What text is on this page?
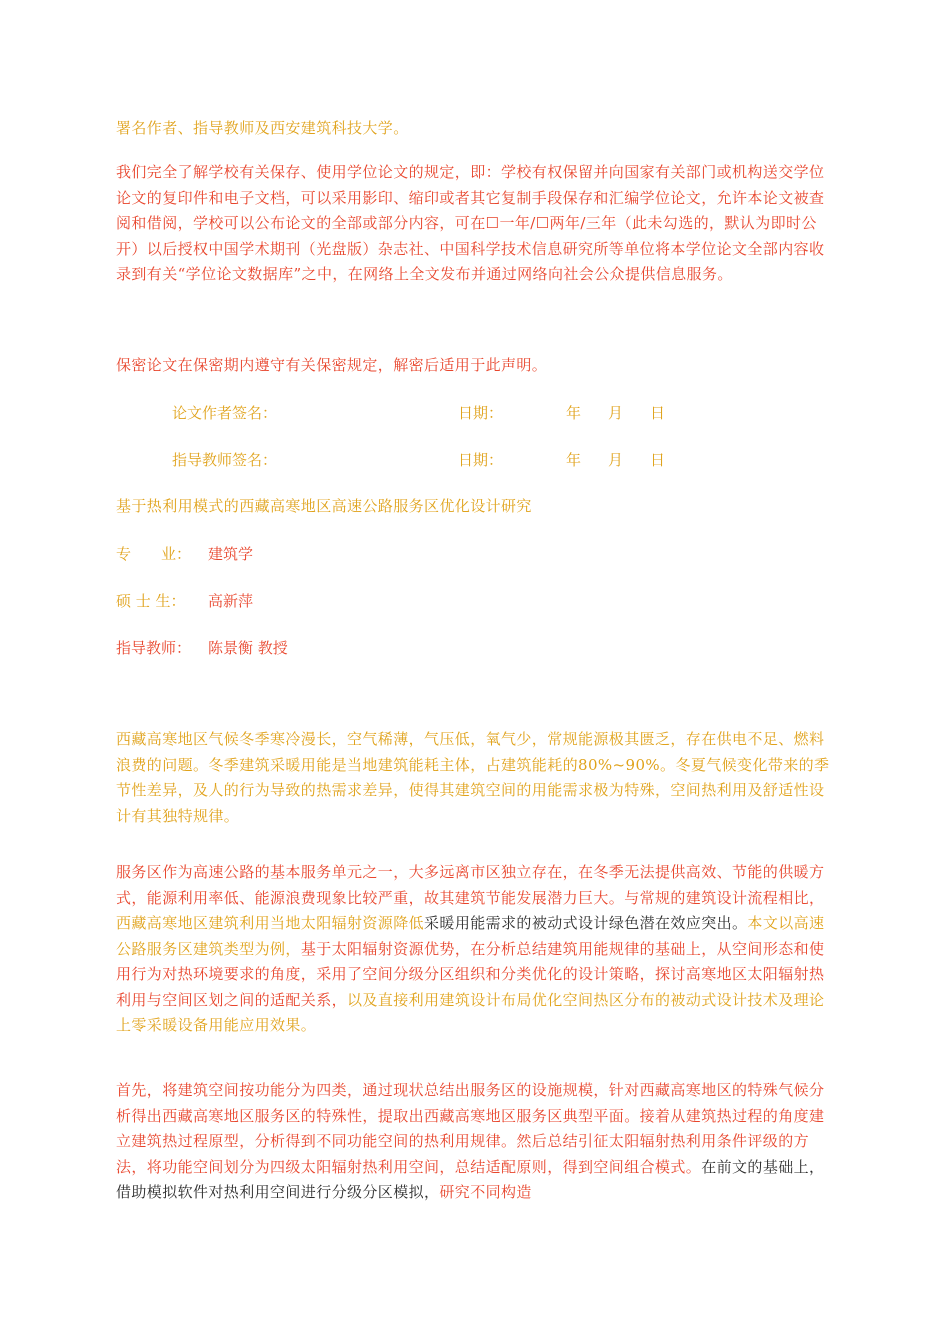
署名作者、指导教师及西安建筑科技大学。

我们完全了解学校有关保存、使用学位论文的规定，即：学校有权保留并向国家有关部门或机构送交学位论文的复印件和电子文档，可以采用影印、缩印或者其它复制手段保存和汇编学位论文，允许本论文被查阅和借阅，学校可以公布论文的全部或部分内容，可在☐一年/☐两年/三年（此未勾选的，默认为即时公开）以后授权中国学术期刊（光盘版）杂志社、中国科学技术信息研究所等单位将本学位论文全部内容收录到有关“学位论文数据库”之中，在网络上全文发布并通过网络向社会公众提供信息服务。

保密论文在保密期内遵守有关保密规定，解密后适用于此声明。

论文作者签名：	日期：	年 月 日
指导教师签名：	日期：	年 月 日

基于热利用模式的西藏高寒地区高速公路服务区优化设计研究

专　　业： 建筑学
硕 士 生： 高新萍
指导教师： 陈景衡 教授

西藏高寒地区气候冬季寒冷漫长，空气稀薄，气压低，氧气少，常规能源极其匮乏，存在供电不足、燃料浪费的问题。冬季建筑采暖用能是当地建筑能耗主体，占建筑能耗的80%~90%。冬夏气候变化带来的季节性差异，及人的行为导致的热需求差异，使得其建筑空间的用能需求极为特殊，空间热利用及舒适性设计有其独特规律。

服务区作为高速公路的基本服务单元之一，大多远离市区独立存在，在冬季无法提供高效、节能的供暖方式，能源利用率低、能源浪费现象比较严重，故其建筑节能发展潜力巨大。与常规的建筑设计流程相比，西藏高寒地区建筑利用当地太阳辐射资源降低采暖用能需求的被动式设计绿色潜在效应突出。本文以高速公路服务区建筑类型为例，基于太阳辐射资源优势，在分析总结建筑用能规律的基础上，从空间形态和使用行为对热环境要求的角度，采用了空间分级分区组织和分类优化的设计策略，探讨高寒地区太阳辐射热利用与空间区划之间的适配关系，以及直接利用建筑设计布局优化空间热区分布的被动式设计技术及理论上零采暖设备用能应用效果。

首先，将建筑空间按功能分为四类，通过现状总结出服务区的设施规模，针对西藏高寒地区的特殊气候分析得出西藏高寒地区服务区的特殊性，提取出西藏高寒地区服务区典型平面。接着从建筑热过程的角度建立建筑热过程原型，分析得到不同功能空间的热利用规律。然后总结引征太阳辐射热利用条件评级的方法，将功能空间划分为四级太阳辐射热利用空间，总结适配原则，得到空间组合模式。在前文的基础上，借助模拟软件对热利用空间进行分级分区模拟，研究不同构造
